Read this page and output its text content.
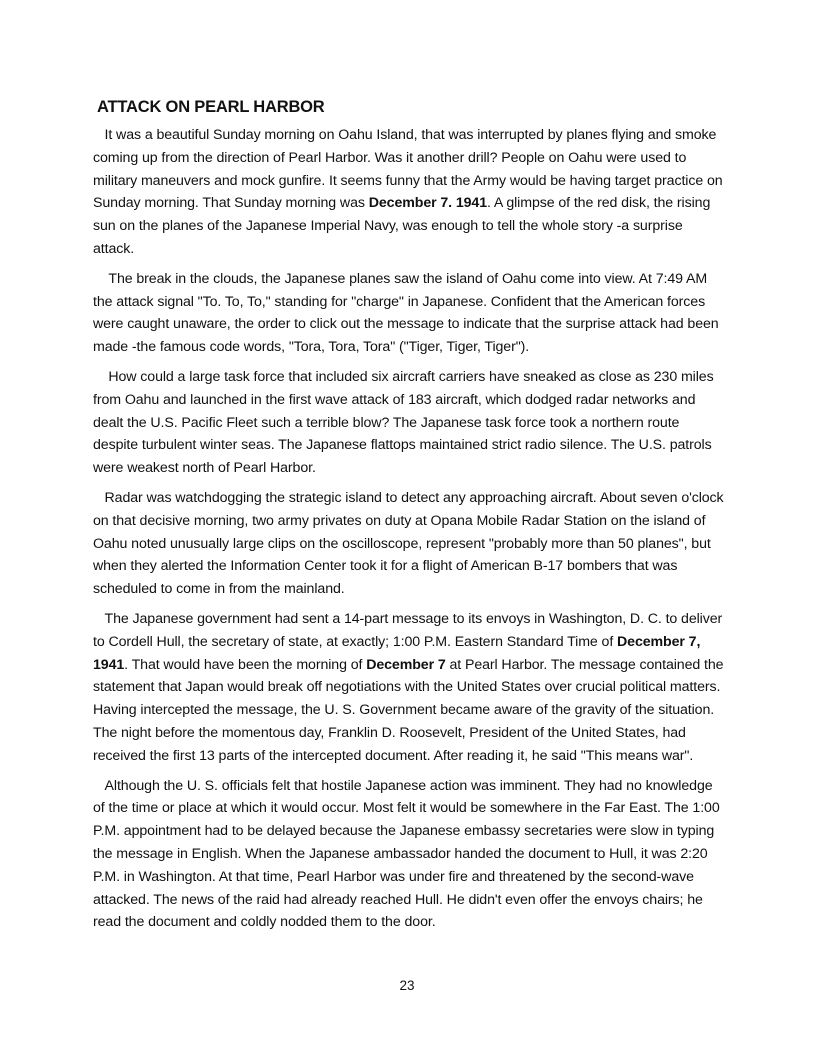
ATTACK ON PEARL HARBOR

It was a beautiful Sunday morning on Oahu Island, that was interrupted by planes flying and smoke coming up from the direction of Pearl Harbor. Was it another drill? People on Oahu were used to military maneuvers and mock gunfire. It seems funny that the Army would be having target practice on Sunday morning. That Sunday morning was December 7. 1941. A glimpse of the red disk, the rising sun on the planes of the Japanese Imperial Navy, was enough to tell the whole story -a surprise attack.

The break in the clouds, the Japanese planes saw the island of Oahu come into view. At 7:49 AM the attack signal "To. To, To," standing for "charge" in Japanese. Confident that the American forces were caught unaware, the order to click out the message to indicate that the surprise attack had been made -the famous code words, "Tora, Tora, Tora" ("Tiger, Tiger, Tiger").

How could a large task force that included six aircraft carriers have sneaked as close as 230 miles from Oahu and launched in the first wave attack of 183 aircraft, which dodged radar networks and dealt the U.S. Pacific Fleet such a terrible blow? The Japanese task force took a northern route despite turbulent winter seas. The Japanese flattops maintained strict radio silence. The U.S. patrols were weakest north of Pearl Harbor.

Radar was watchdogging the strategic island to detect any approaching aircraft. About seven o'clock on that decisive morning, two army privates on duty at Opana Mobile Radar Station on the island of Oahu noted unusually large clips on the oscilloscope, represent "probably more than 50 planes", but when they alerted the Information Center took it for a flight of American B-17 bombers that was scheduled to come in from the mainland.

The Japanese government had sent a 14-part message to its envoys in Washington, D. C. to deliver to Cordell Hull, the secretary of state, at exactly; 1:00 P.M. Eastern Standard Time of December 7, 1941. That would have been the morning of December 7 at Pearl Harbor. The message contained the statement that Japan would break off negotiations with the United States over crucial political matters. Having intercepted the message, the U. S. Government became aware of the gravity of the situation. The night before the momentous day, Franklin D. Roosevelt, President of the United States, had received the first 13 parts of the intercepted document. After reading it, he said "This means war".

Although the U. S. officials felt that hostile Japanese action was imminent. They had no knowledge of the time or place at which it would occur. Most felt it would be somewhere in the Far East. The 1:00 P.M. appointment had to be delayed because the Japanese embassy secretaries were slow in typing the message in English. When the Japanese ambassador handed the document to Hull, it was 2:20 P.M. in Washington. At that time, Pearl Harbor was under fire and threatened by the second-wave attacked. The news of the raid had already reached Hull. He didn't even offer the envoys chairs; he read the document and coldly nodded them to the door.

23
